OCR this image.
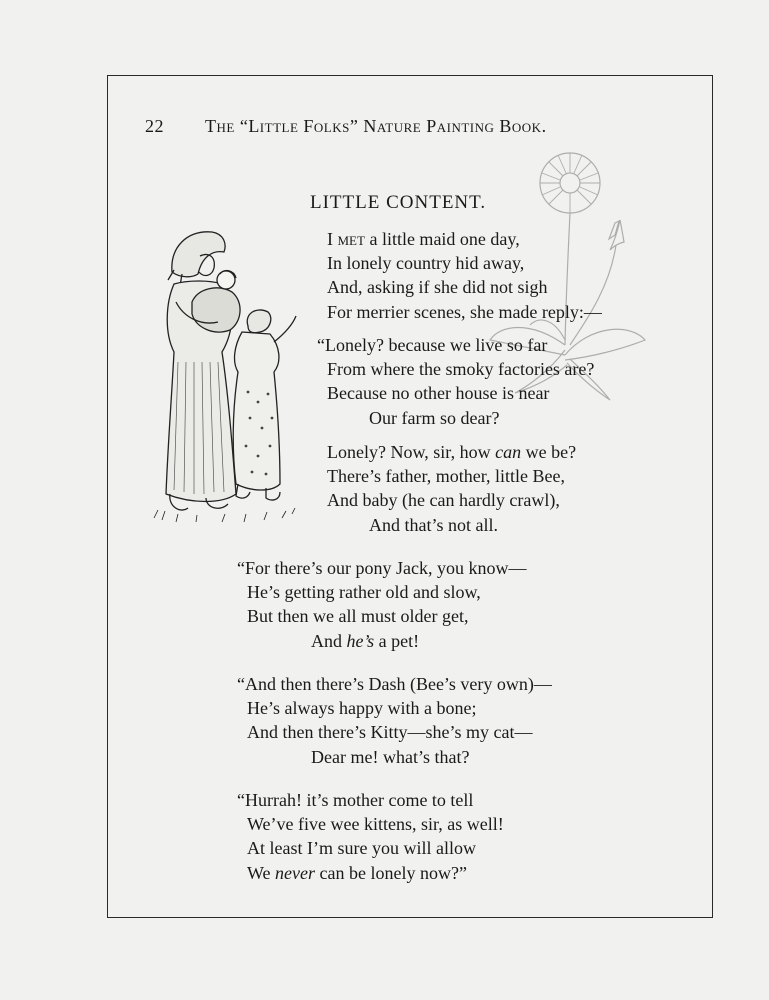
22 The “Little Folks” Nature Painting Book.
LITTLE CONTENT.
I met a little maid one day,
In lonely country hid away,
And, asking if she did not sigh
For merrier scenes, she made reply:—
“Lonely? because we live so far
From where the smoky factories are?
Because no other house is near
Our farm so dear?
Lonely? Now, sir, how can we be?
There’s father, mother, little Bee,
And baby (he can hardly crawl),
And that’s not all.
“For there’s our pony Jack, you know—
He’s getting rather old and slow,
But then we all must older get,
And he’s a pet!
“And then there’s Dash (Bee’s very own)—
He’s always happy with a bone;
And then there’s Kitty—she’s my cat—
Dear me! what’s that?
“Hurrah! it’s mother come to tell
We’ve five wee kittens, sir, as well!
At least I’m sure you will allow
We never can be lonely now?”
